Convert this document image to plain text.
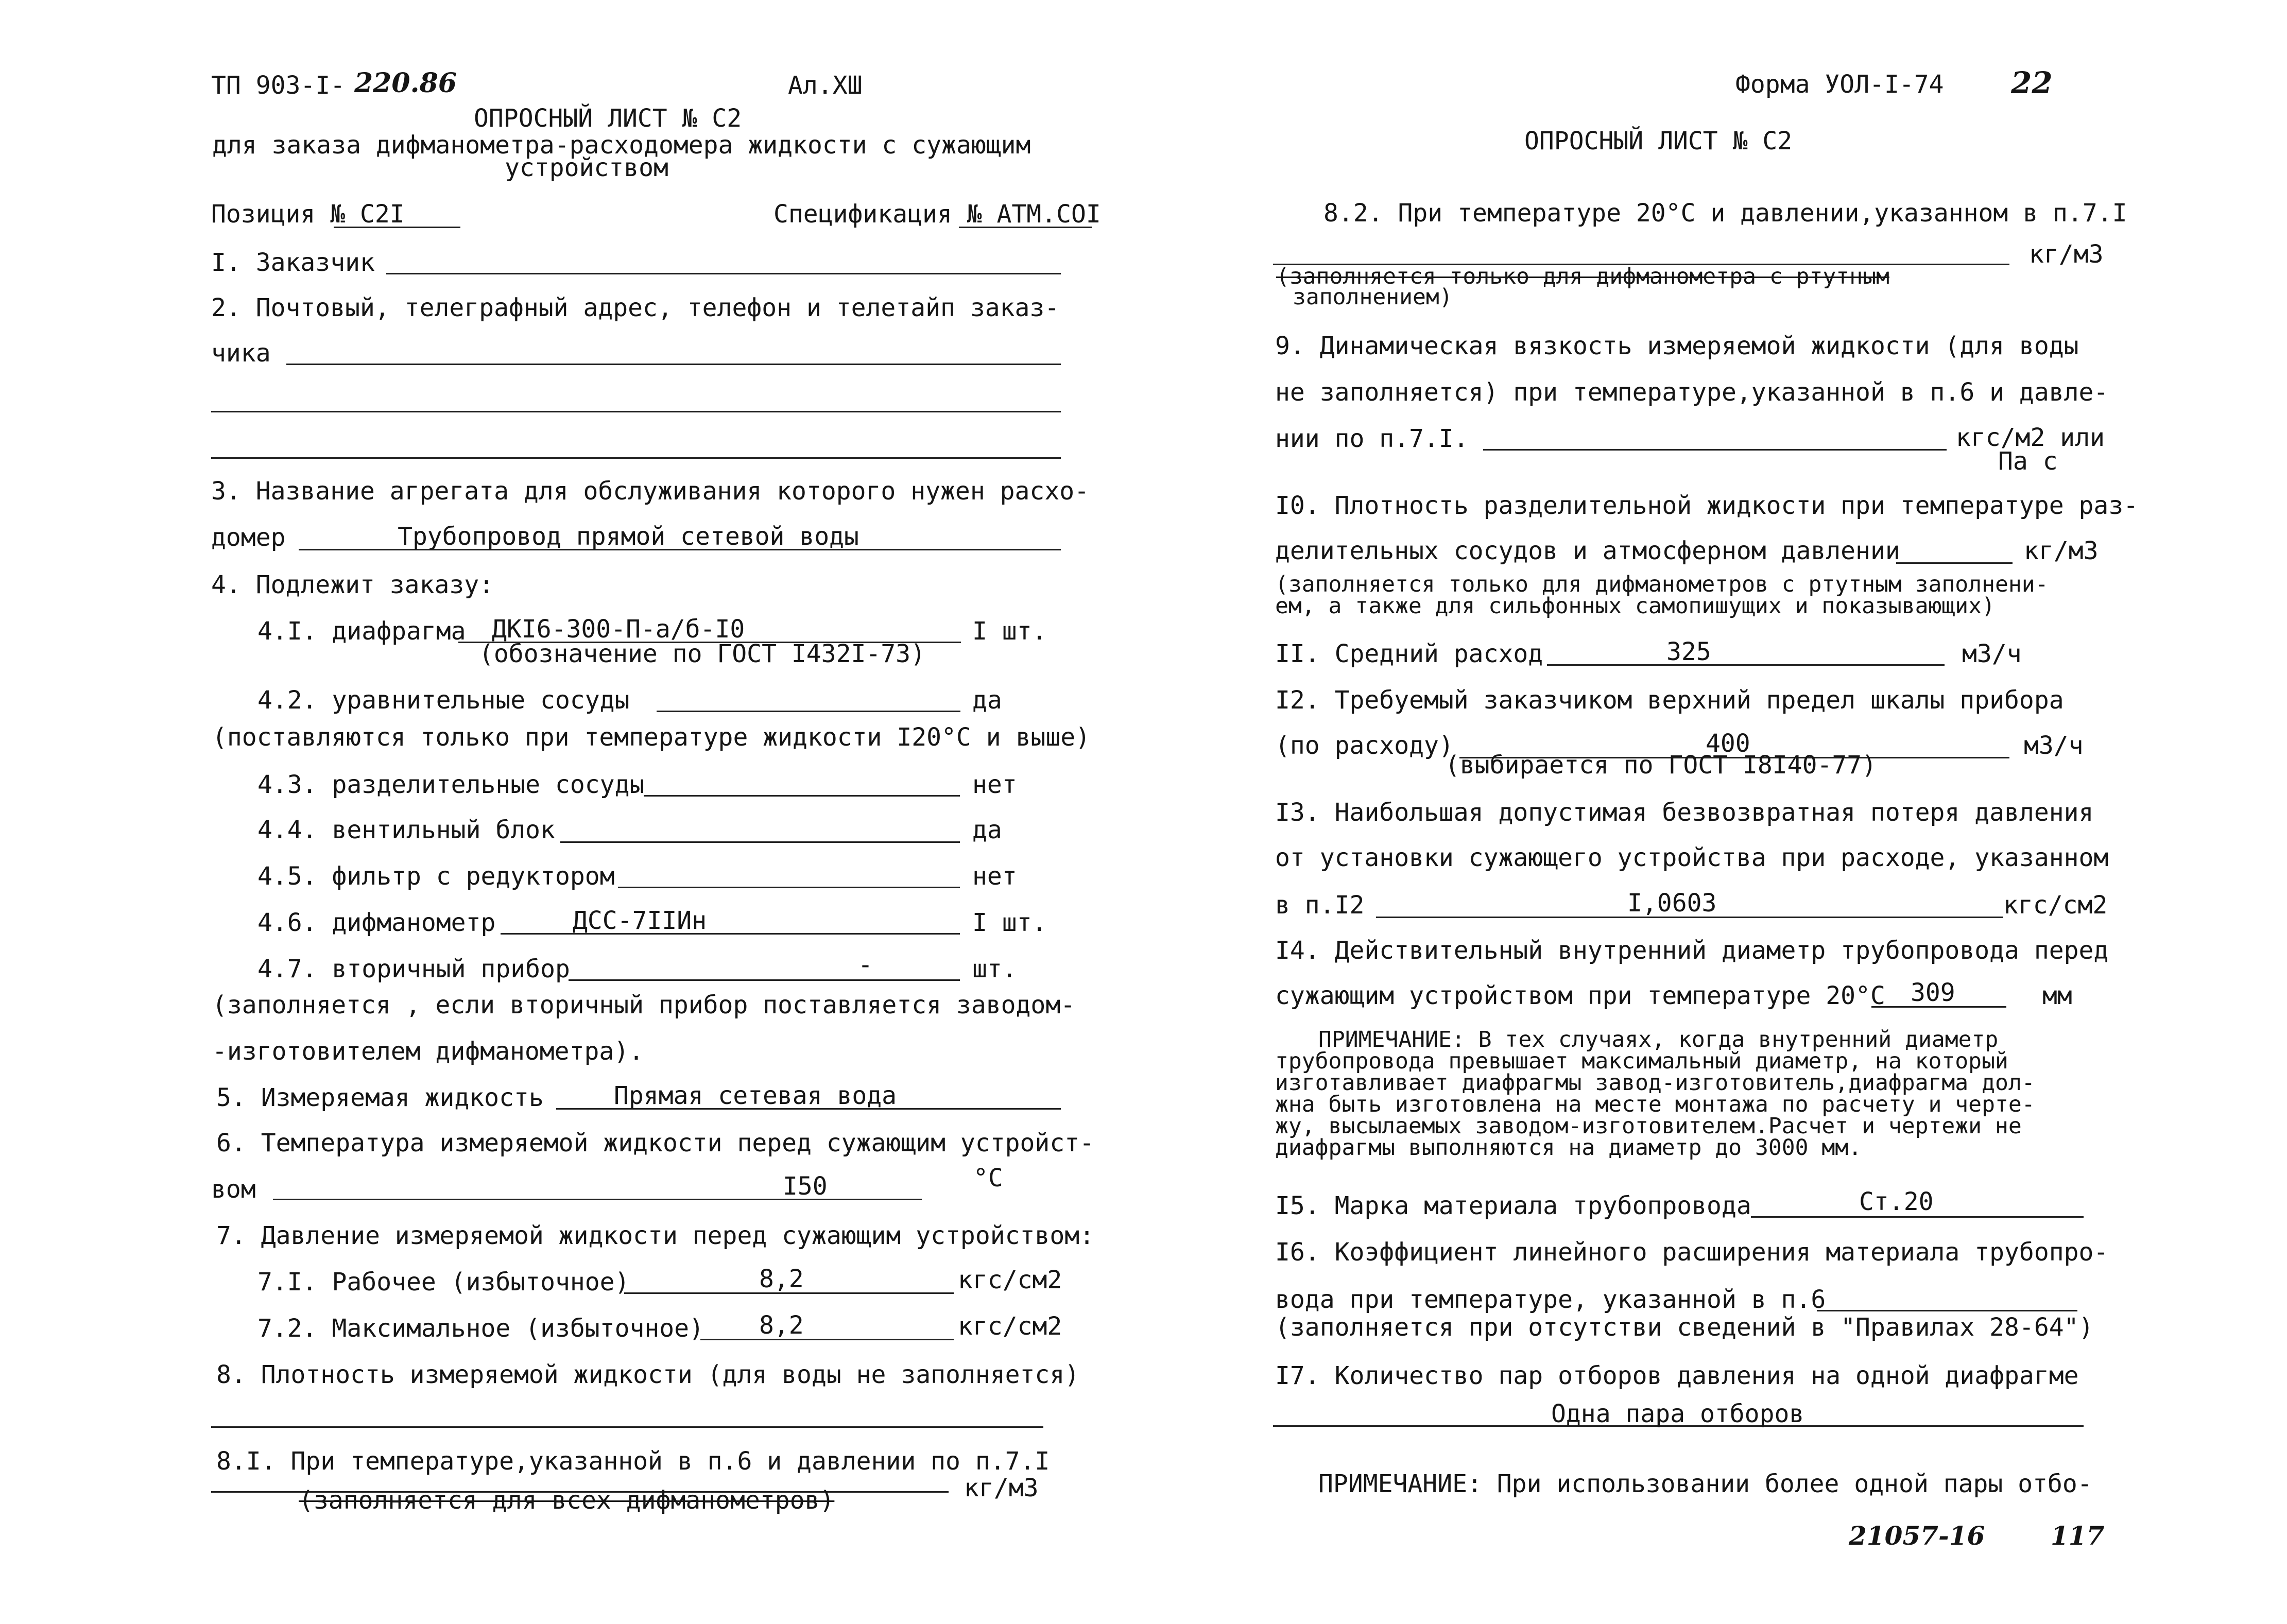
ТП 903-I- 220.86	Ал.XШ
ОПРОСНЫЙ ЛИСТ № С2
для заказа дифманометра-расходомера жидкости с сужающим
устройством
Позиция № С2I	Спецификация № АТМ.СОI
I. Заказчик
2. Почтовый, телеграфный адрес, телефон и телетайп заказ-
чика
3. Название агрегата для обслуживания которого нужен расхо-
домер	Трубопровод прямой сетевой воды
4. Подлежит заказу:
4.I. диафрагма ДКI6-300-П-а/б-I0	I шт.
(обозначение по ГОСТ I432I-73)
4.2. уравнительные сосуды	да
(поставляются только при температуре жидкости I20°С и выше)
4.3. разделительные сосуды	нет
4.4. вентильный блок	да
4.5. фильтр с редуктором	нет
4.6. дифманометр	ДСС-7IIИн	I шт.
4.7. вторичный прибор	-	шт.
(заполняется , если вторичный прибор поставляется заводом-
-изготовителем дифманометра).
5. Измеряемая жидкость	Прямая сетевая вода
6. Температура измеряемой жидкости перед сужающим устройст-
вом	I50	°С
7. Давление измеряемой жидкости перед сужающим устройством:
7.I. Рабочее (избыточное)	8,2	кгс/см2
7.2. Максимальное (избыточное) 8,2	кгс/см2
8. Плотность измеряемой жидкости (для воды не заполняется)
8.I. При температуре,указанной в п.6 и давлении по п.7.I
кг/м3
(заполняется для всех дифманометров)
Форма УОЛ-I-74 22
ОПРОСНЫЙ ЛИСТ № С2
8.2. При температуре 20°С и давлении,указанном в п.7.I
кг/м3
(заполняется только для дифманометра с ртутным
заполнением)
9. Динамическая вязкость измеряемой жидкости (для воды
не заполняется) при температуре,указанной в п.6 и давле-
нии по п.7.I.	кгс/м2 или
Па с
I0. Плотность разделительной жидкости при температуре раз-
делительных сосудов и атмосферном давлении	кг/м3
(заполняется только для дифманометров с ртутным заполнени-
ем, а также для сильфонных самопишущих и показывающих)
II. Средний расход	325	м3/ч
I2. Требуемый заказчиком верхний предел шкалы прибора
(по расходу)	400	м3/ч
(выбирается по ГОСТ I8I40-77)
I3. Наибольшая допустимая безвозвратная потеря давления
от установки сужающего устройства при расходе, указанном
в п.I2	I,0603	кгс/см2
I4. Действительный внутренний диаметр трубопровода перед
сужающим устройством при температуре 20°С 309	мм
ПРИМЕЧАНИЕ: В тех случаях, когда внутренний диаметр
трубопровода превышает максимальный диаметр, на который
изготавливает диафрагмы завод-изготовитель,диафрагма дол-
жна быть изготовлена на месте монтажа по расчету и черте-
жу, высылаемых заводом-изготовителем.Расчет и чертежи не
диафрагмы выполняются на диаметр до 3000 мм.
I5. Марка материала трубопровода	Ст.20
I6. Коэффициент линейного расширения материала трубопро-
вода при температуре, указанной в п.6
(заполняется при отсутстви сведений в "Правилах 28-64")
I7. Количество пар отборов давления на одной диафрагме
Одна пара отборов
ПРИМЕЧАНИЕ: При использовании более одной пары отбо-
21057-16	117
